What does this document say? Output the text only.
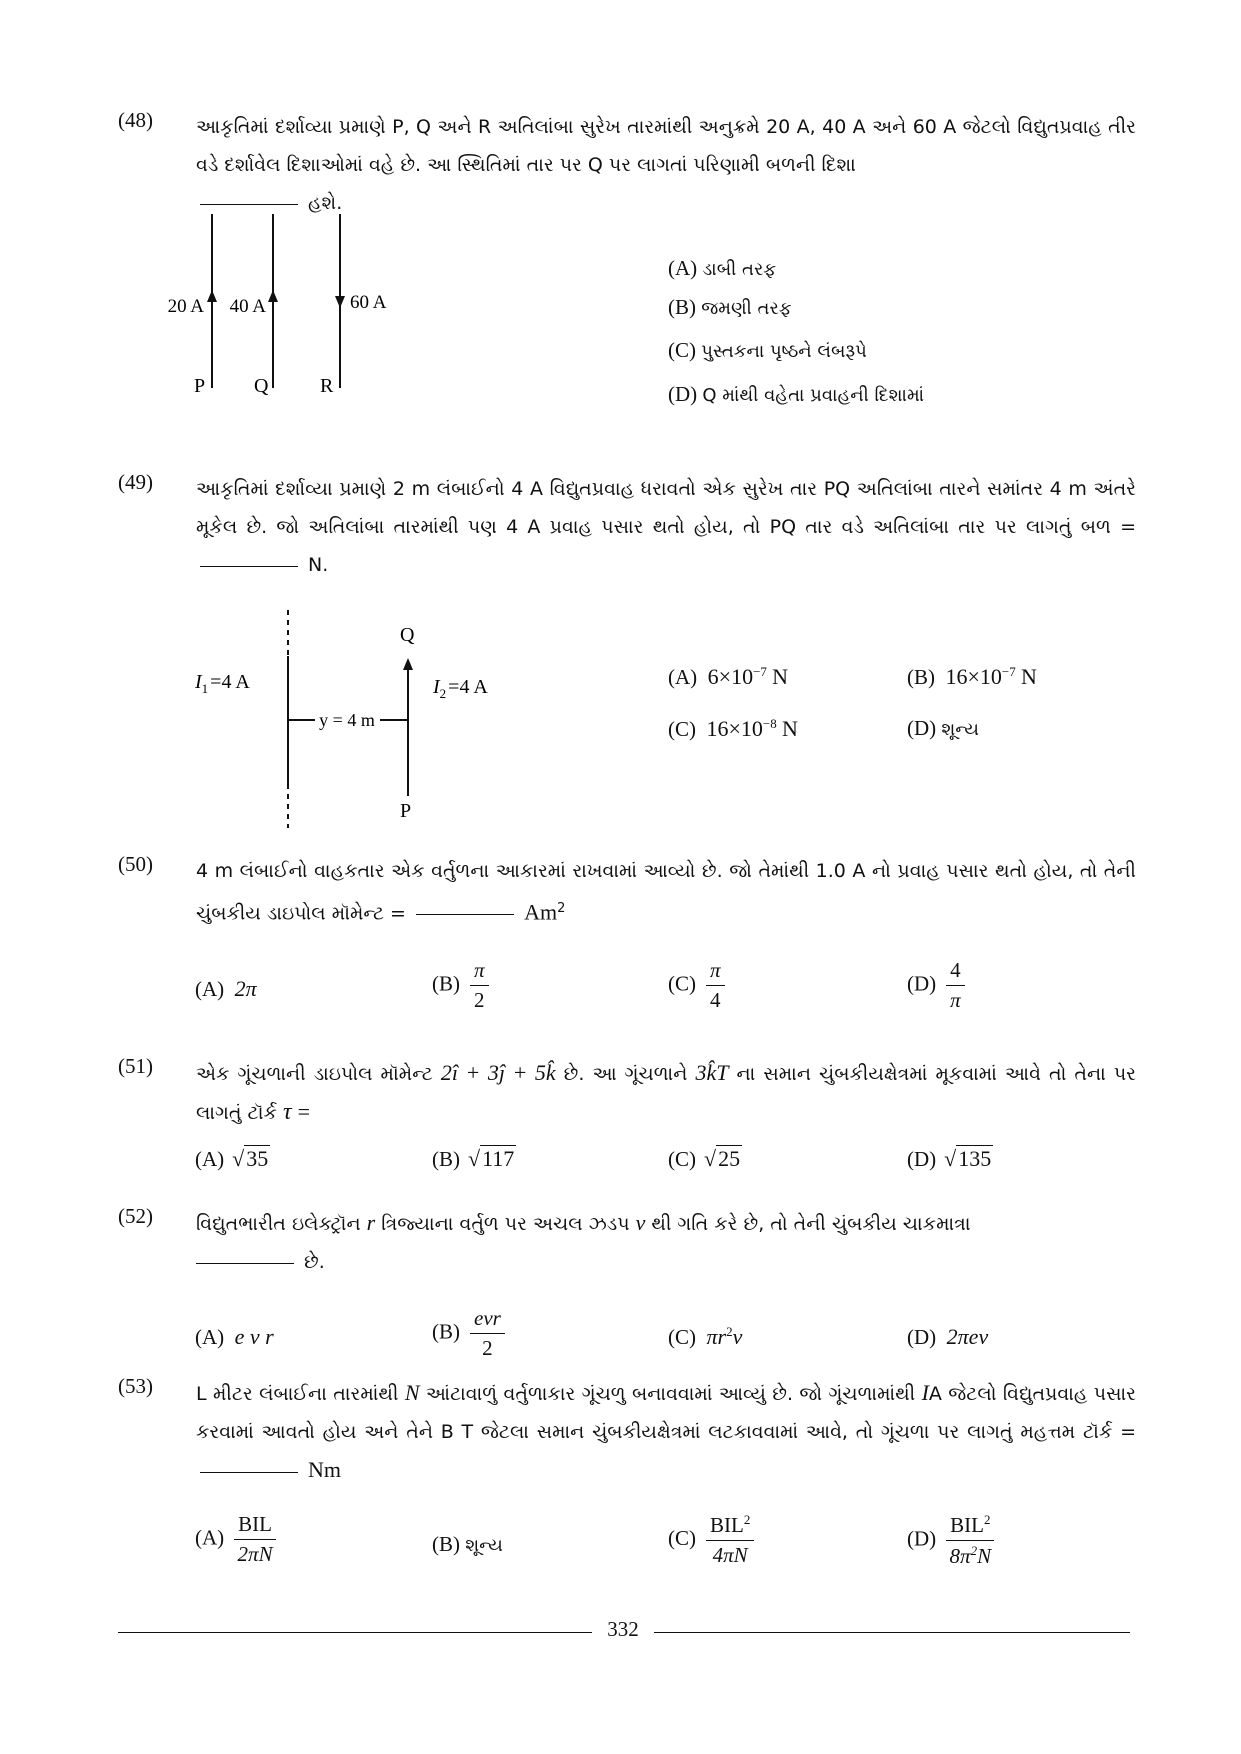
(48) આકૃતિમાં દર્શાવ્યા પ્રમાણે P, Q અને R અતિલાંબા સુરેખ તારમાંથી અનુક્રમે 20 A, 40 A અને 60 A જેટલો વિદ્યુતપ્રવાહ તીર વડે દર્શાવેલ દિશાઓમાં વહે છે. આ સ્થિતિમાં તાર પર Q પર લાગતાં પરિણામી બળની દિશા
હશે.
20 A 40 A	60 A
P Q	R
(A) ડાબી તરફ
(B) જમણી તરફ
(C) પુસ્તકના પૃષ્ઠને લંબરૂપે
(D) Q માંથી વહેતા પ્રવાહની દિશામાં
(49) આકૃતિમાં દર્શાવ્યા પ્રમાણે 2 m લંબાઈનો 4 A વિદ્યુતપ્રવાહ ધરાવતો એક સુરેખ તાર PQ અતિલાંબા તારને સમાંતર 4 m અંતરે મૂકેલ છે. જો અતિલાંબા તારમાંથી પણ 4 A પ્રવાહ પસાર થતો હોય, તો PQ તાર વડે અતિલાંબા તાર પર લાગતું બળ =  N.
y = 4 m
$I_1 =4$ A	$I_2 =4$ A
Q
P
(A) $6\times 10^{-7}$ N	(B) $16\times 10^{-7}$ N
(C) $16\times 10^{-8}$ N	(D) શૂન્ય
(50) 4 m લંબાઈનો વાહકતાર એક વર્તુળના આકારમાં રાખવામાં આવ્યો છે. જો તેમાંથી 1.0 A નો પ્રવાહ પસાર થતો હોય, તો તેની ચુંબકીય ડાઇપોલ મૉમેન્ટ =	$Am^2$
(A) 2π	$(B) \frac{\pi}{2}$	$(C) \frac{\pi}{4}$	$(D) \frac{4}{\pi}$
(51) એક ગૂંચળાની ડાઇપોલ મૉમેન્ટ 2î + 3ĵ + 5k̂ છે. આ ગૂંચળાને 3k̂T ના સમાન ચુંબકીયક્ષેત્રમાં મૂકવામાં આવે તો તેના પર લાગતું ટૉર્ક τ =
(A) √35	(B) √117	(C) √25	(D) √135
(52) વિદ્યુતભારીત ઇલેક્ટ્રૉન r ત્રિજ્યાના વર્તુળ પર અચલ ઝડપ v થી ગતિ કરે છે, તો તેની ચુંબકીય ચાકમાત્રા
છે.
(A) e v r	$(B) \frac{\text{evr}}{2}$	(C) $\pi r^2v$	(D) 2πev
(53) L મીટર લંબાઈના તારમાંથી N આંટાવાળું વર્તુળાકાર ગૂંચળુ બનાવવામાં આવ્યું છે. જો ગૂંચળામાંથી IA જેટલો વિદ્યુતપ્રવાહ પસાર કરવામાં આવતો હોય અને તેને B T જેટલા સમાન ચુંબકીયક્ષેત્રમાં લટકાવવામાં આવે, તો ગૂંચળા પર લાગતું મહત્તમ ટૉર્ક =  Nm
$(A) \frac{\text{BIL}}{2\pi N}$	(B) શૂન્ય	$(C) \frac{BIL^2}{4\pi N}$	$(D) \frac{BIL^2}{8\pi^2N}$
332
